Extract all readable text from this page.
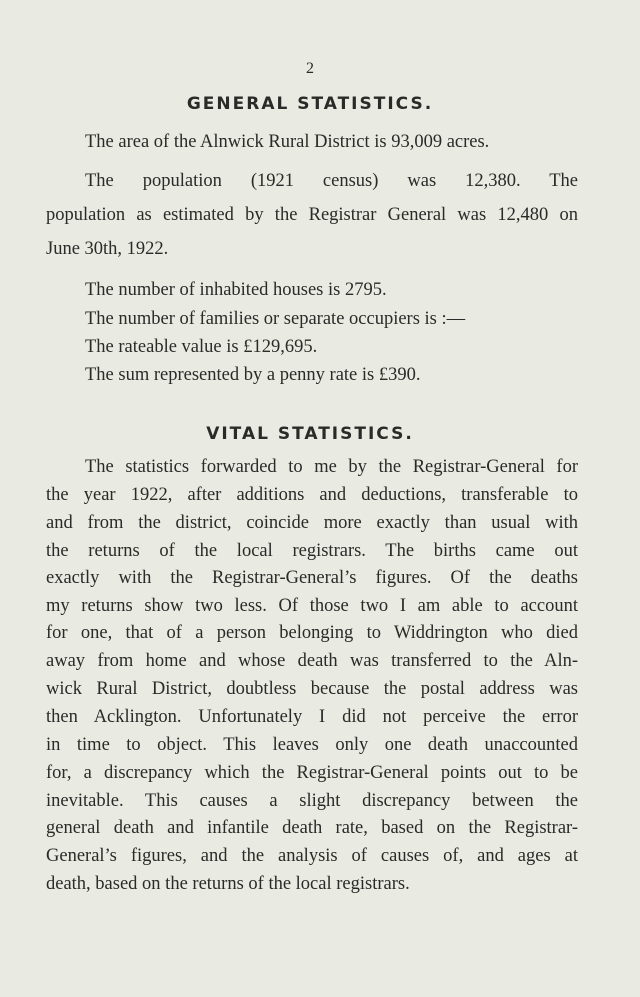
2
GENERAL STATISTICS.
The area of the Alnwick Rural District is 93,009 acres.
The population (1921 census) was 12,380. The
population as estimated by the Registrar General was 12,480 on
June 30th, 1922.
The number of inhabited houses is 2795.
The number of families or separate occupiers is :—
The rateable value is £129,695.
The sum represented by a penny rate is £390.
VITAL STATISTICS.
The statistics forwarded to me by the Registrar-General for
the year 1922, after additions and deductions, transferable to
and from the district, coincide more exactly than usual with
the returns of the local registrars. The births came out
exactly with the Registrar-General’s figures. Of the deaths
my returns show two less. Of those two I am able to account
for one, that of a person belonging to Widdrington who died
away from home and whose death was transferred to the Aln-
wick Rural District, doubtless because the postal address was
then Acklington. Unfortunately I did not perceive the error
in time to object. This leaves only one death unaccounted
for, a discrepancy which the Registrar-General points out to be
inevitable. This causes a slight discrepancy between the
general death and infantile death rate, based on the Registrar-
General’s figures, and the analysis of causes of, and ages at
death, based on the returns of the local registrars.
